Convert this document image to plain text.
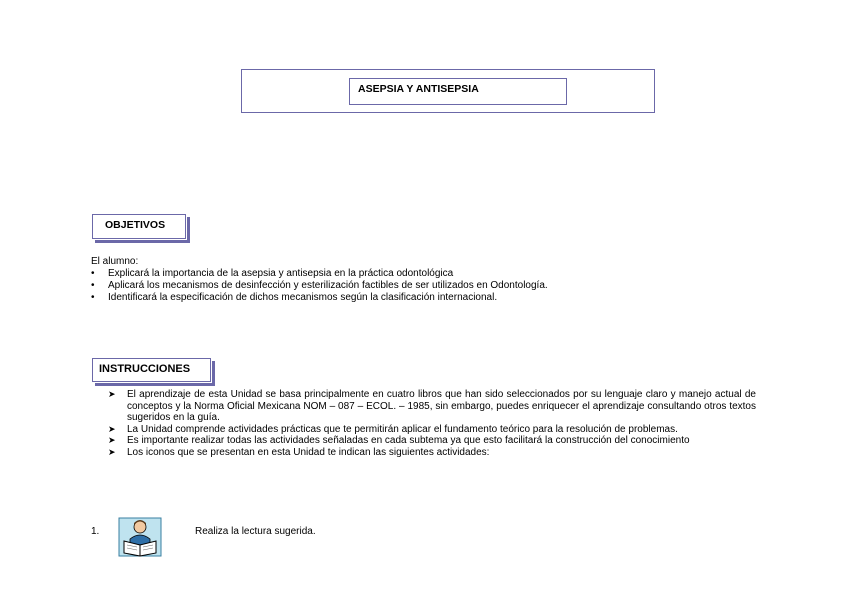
ASEPSIA Y ANTISEPSIA
OBJETIVOS
El alumno:
• Explicará la importancia de la asepsia y antisepsia en la práctica odontológica
• Aplicará los mecanismos de desinfección y esterilización factibles de ser utilizados en Odontología.
• Identificará la especificación de dichos mecanismos según la clasificación internacional.
INSTRUCCIONES
➤ El aprendizaje de esta Unidad se basa principalmente en cuatro libros que han sido seleccionados por su lenguaje claro y manejo actual de conceptos y la Norma Oficial Mexicana NOM – 087 – ECOL. – 1985, sin embargo, puedes enriquecer el aprendizaje consultando otros textos sugeridos en la guía.
➤ La Unidad comprende actividades prácticas que te permitirán aplicar el fundamento teórico para la resolución de problemas.
➤ Es importante realizar todas las actividades señaladas en cada subtema ya que esto facilitará la construcción del conocimiento
➤ Los iconos que se presentan en esta Unidad te indican las siguientes actividades:
1.	Realiza la lectura sugerida.
